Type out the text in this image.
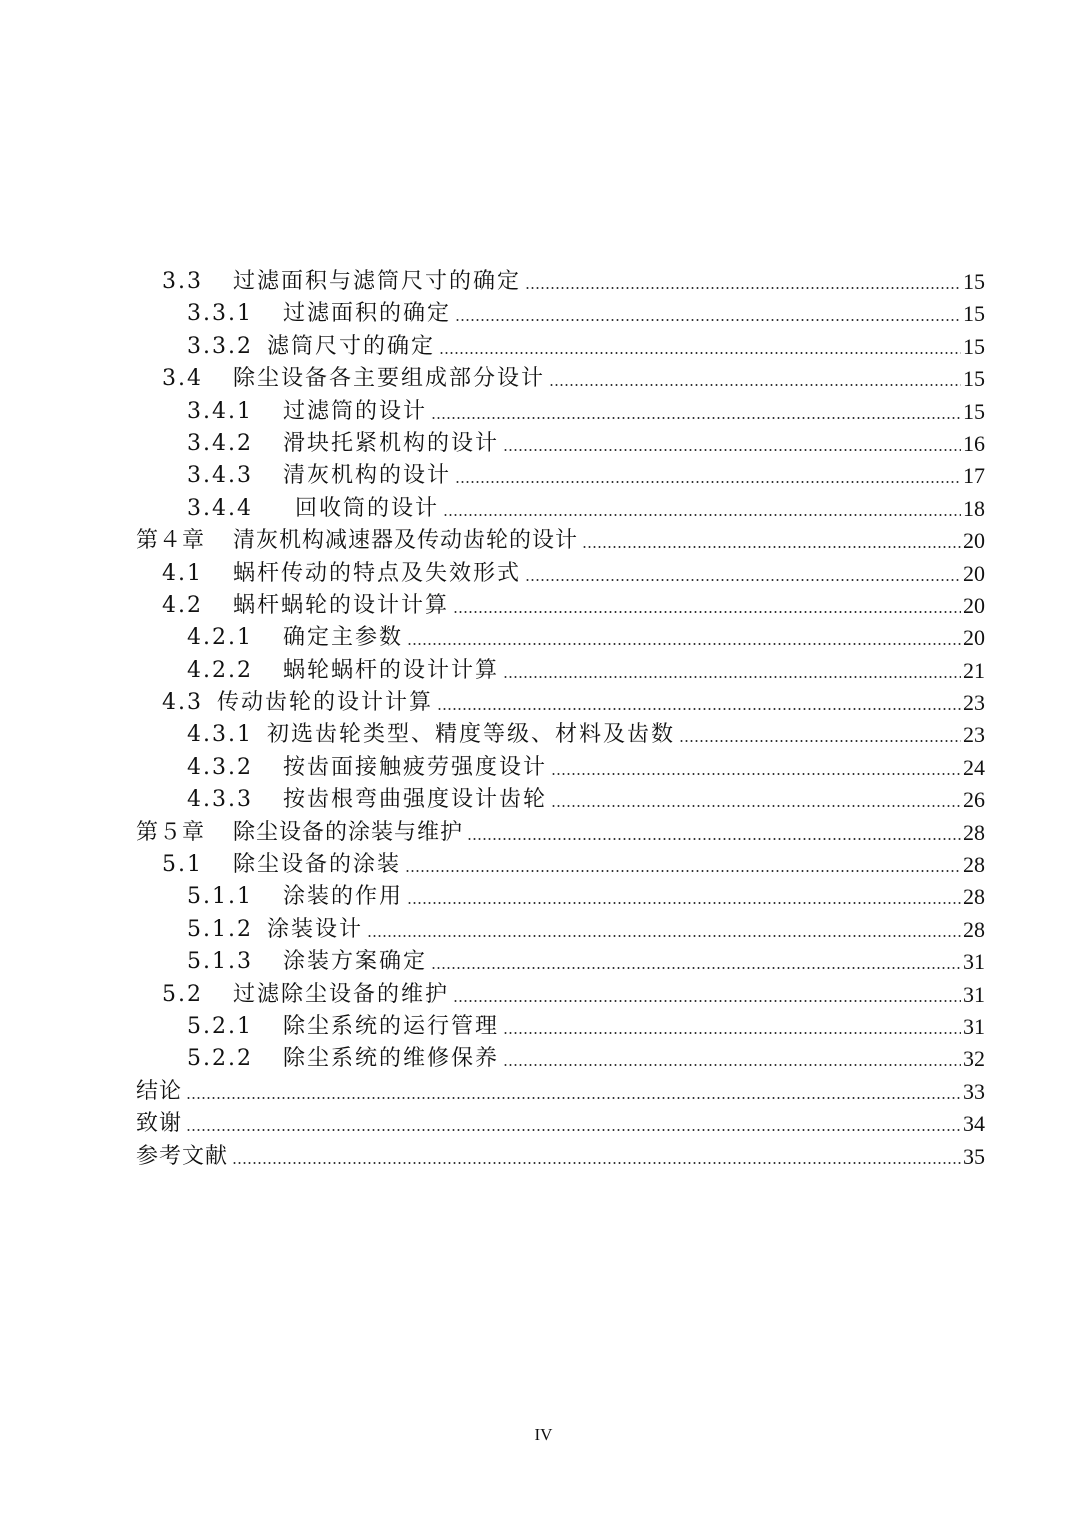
3.3 过滤面积与滤筒尺寸的确定	15
3.3.1 过滤面积的确定	15
3.3.2 滤筒尺寸的确定	15
3.4 除尘设备各主要组成部分设计	15
3.4.1 过滤筒的设计	15
3.4.2 滑块托紧机构的设计	16
3.4.3 清灰机构的设计	17
3.4.4 回收筒的设计	18
第４章 清灰机构减速器及传动齿轮的设计	20
4.1 蜗杆传动的特点及失效形式	20
4.2 蜗杆蜗轮的设计计算	20
4.2.1 确定主参数	20
4.2.2 蜗轮蜗杆的设计计算	21
4.3 传动齿轮的设计计算	23
4.3.1 初选齿轮类型、精度等级、材料及齿数	23
4.3.2 按齿面接触疲劳强度设计	24
4.3.3 按齿根弯曲强度设计齿轮	26
第５章 除尘设备的涂装与维护	28
5.1 除尘设备的涂装	28
5.1.1 涂装的作用	28
5.1.2 涂装设计	28
5.1.3 涂装方案确定	31
5.2 过滤除尘设备的维护	31
5.2.1 除尘系统的运行管理	31
5.2.2 除尘系统的维修保养	32
结论	33
致谢	34
参考文献	35
IV
